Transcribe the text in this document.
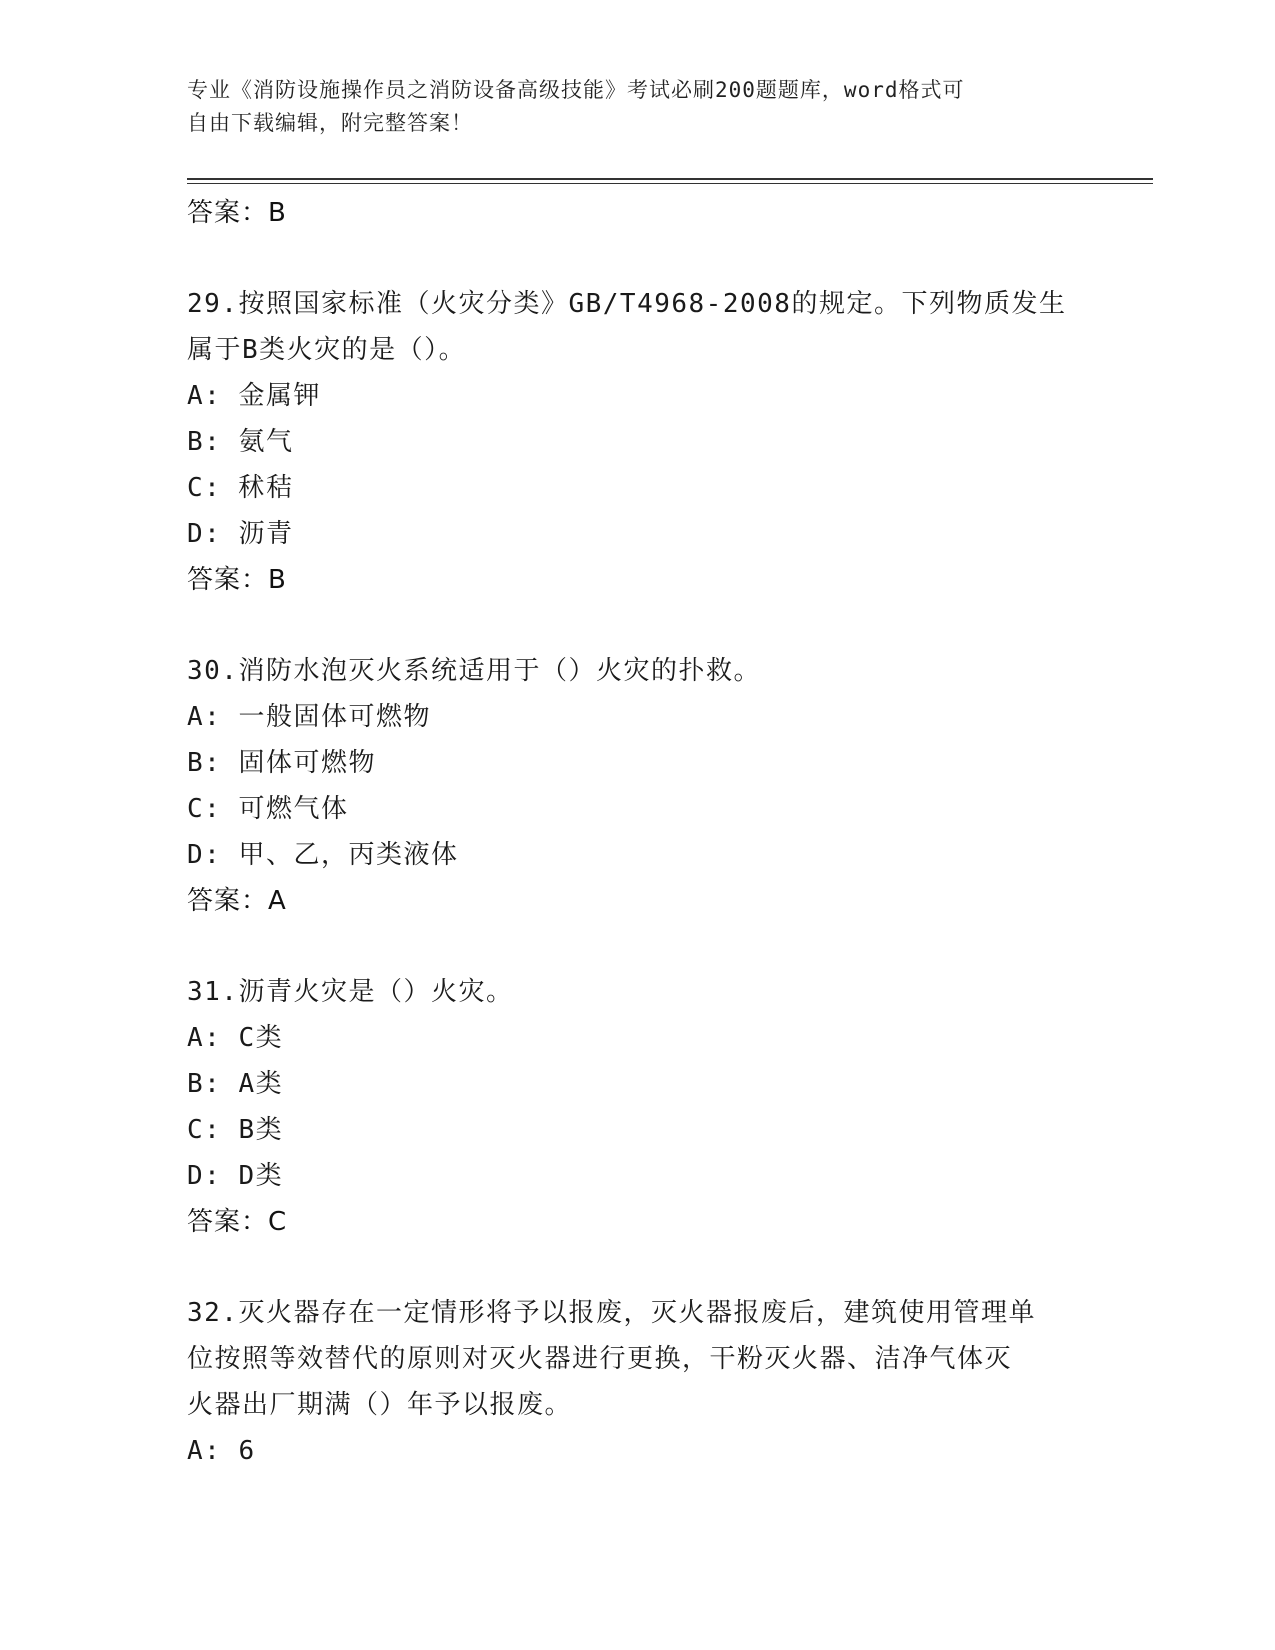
专业《消防设施操作员之消防设备高级技能》考试必刷200题题库，word格式可
自由下载编辑，附完整答案！
答案：B
29.按照国家标准（火灾分类》GB/T4968-2008的规定。下列物质发生
属于B类火灾的是（）。
A: 金属钾
B: 氨气
C: 秫秸
D: 沥青
答案：B
30.消防水泡灭火系统适用于（）火灾的扑救。
A: 一般固体可燃物
B: 固体可燃物
C: 可燃气体
D: 甲、乙，丙类液体
答案：A
31.沥青火灾是（）火灾。
A: C类
B: A类
C: B类
D: D类
答案：C
32.灭火器存在一定情形将予以报废，灭火器报废后，建筑使用管理单
位按照等效替代的原则对灭火器进行更换，干粉灭火器、洁净气体灭
火器出厂期满（）年予以报废。
A: 6
